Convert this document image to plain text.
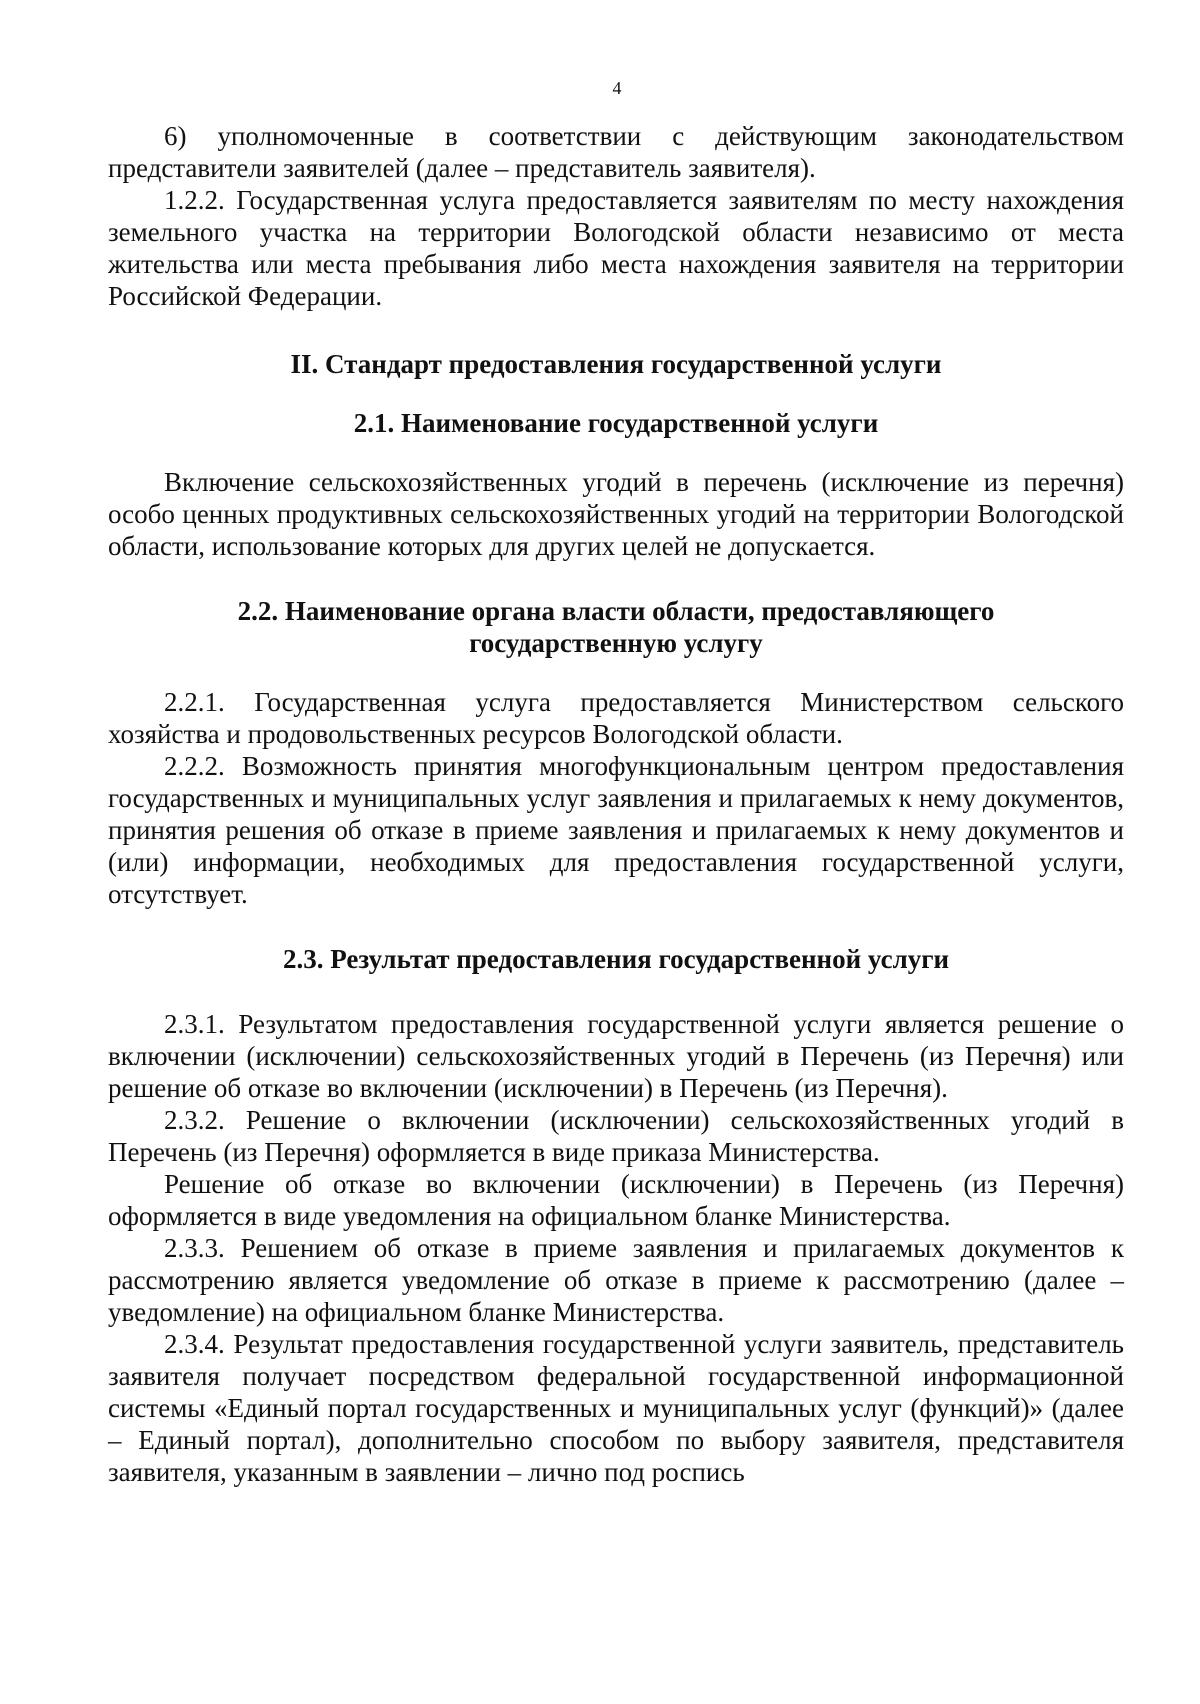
4

6) уполномоченные в соответствии с действующим законодательством представители заявителей (далее – представитель заявителя).

1.2.2. Государственная услуга предоставляется заявителям по месту нахождения земельного участка на территории Вологодской области независимо от места жительства или места пребывания либо места нахождения заявителя на территории Российской Федерации.

II. Стандарт предоставления государственной услуги
2.1. Наименование государственной услуги

Включение сельскохозяйственных угодий в перечень (исключение из перечня) особо ценных продуктивных сельскохозяйственных угодий на территории Вологодской области, использование которых для других целей не допускается.

2.2. Наименование органа власти области, предоставляющего
государственную услугу

2.2.1. Государственная услуга предоставляется Министерством сельского хозяйства и продовольственных ресурсов Вологодской области.

2.2.2. Возможность принятия многофункциональным центром предоставления государственных и муниципальных услуг заявления и прилагаемых к нему документов, принятия решения об отказе в приеме заявления и прилагаемых к нему документов и (или) информации, необходимых для предоставления государственной услуги, отсутствует.

2.3. Результат предоставления государственной услуги

2.3.1. Результатом предоставления государственной услуги является решение о включении (исключении) сельскохозяйственных угодий в Перечень (из Перечня) или решение об отказе во включении (исключении) в Перечень (из Перечня).

2.3.2. Решение о включении (исключении) сельскохозяйственных угодий в Перечень (из Перечня) оформляется в виде приказа Министерства.

Решение об отказе во включении (исключении) в Перечень (из Перечня) оформляется в виде уведомления на официальном бланке Министерства.

2.3.3. Решением об отказе в приеме заявления и прилагаемых документов к рассмотрению является уведомление об отказе в приеме к рассмотрению (далее – уведомление) на официальном бланке Министерства.

2.3.4. Результат предоставления государственной услуги заявитель, представитель заявителя получает посредством федеральной государственной информационной системы «Единый портал государственных и муниципальных услуг (функций)» (далее – Единый портал), дополнительно способом по выбору заявителя, представителя заявителя, указанным в заявлении – лично под роспись
